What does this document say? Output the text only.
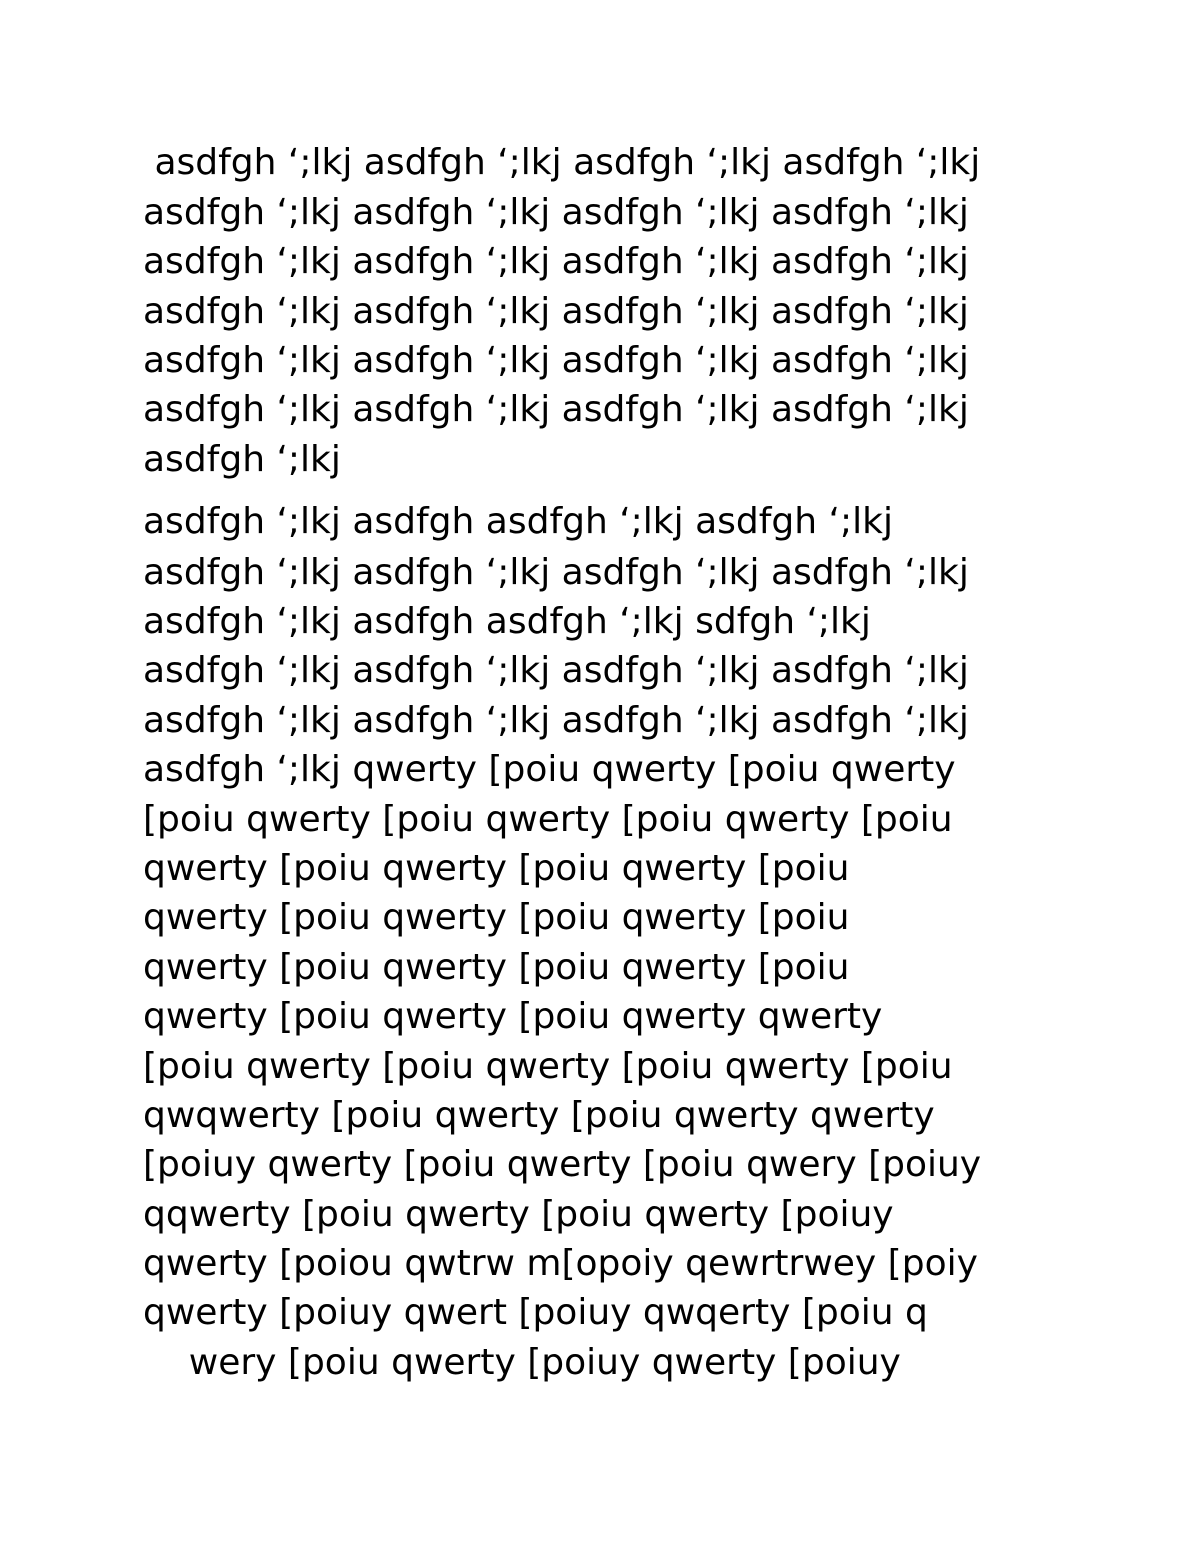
asdfgh ‘;lkj asdfgh ‘;lkj asdfgh ‘;lkj asdfgh ‘;lkj

asdfgh ‘;lkj asdfgh ‘;lkj asdfgh ‘;lkj asdfgh ‘;lkj

asdfgh ‘;lkj asdfgh ‘;lkj asdfgh ‘;lkj asdfgh ‘;lkj

asdfgh ‘;lkj asdfgh ‘;lkj asdfgh ‘;lkj asdfgh ‘;lkj

asdfgh ‘;lkj asdfgh ‘;lkj asdfgh ‘;lkj asdfgh ‘;lkj

asdfgh ‘;lkj asdfgh ‘;lkj asdfgh ‘;lkj asdfgh ‘;lkj

asdfgh ‘;lkj

asdfgh ‘;lkj asdfgh asdfgh ‘;lkj asdfgh ‘;lkj

asdfgh ‘;lkj asdfgh ‘;lkj asdfgh ‘;lkj asdfgh ‘;lkj

asdfgh ‘;lkj asdfgh asdfgh ‘;lkj sdfgh ‘;lkj

asdfgh ‘;lkj asdfgh ‘;lkj asdfgh ‘;lkj asdfgh ‘;lkj

asdfgh ‘;lkj asdfgh ‘;lkj asdfgh ‘;lkj asdfgh ‘;lkj

asdfgh ‘;lkj qwerty [poiu qwerty [poiu qwerty

[poiu qwerty [poiu qwerty [poiu qwerty [poiu

qwerty [poiu qwerty [poiu qwerty [poiu

qwerty [poiu qwerty [poiu qwerty [poiu

qwerty [poiu qwerty [poiu qwerty [poiu

qwerty [poiu qwerty [poiu qwerty qwerty

[poiu qwerty [poiu qwerty [poiu qwerty [poiu

qwqwerty [poiu qwerty [poiu qwerty qwerty

[poiuy qwerty [poiu qwerty [poiu qwery [poiuy

qqwerty [poiu qwerty [poiu qwerty [poiuy

qwerty [poiou qwtrw m[opoiy qewrtrwey [poiy

qwerty [poiuy qwert [poiuy qwqerty [poiu q

wery [poiu qwerty [poiuy qwerty [poiuy
